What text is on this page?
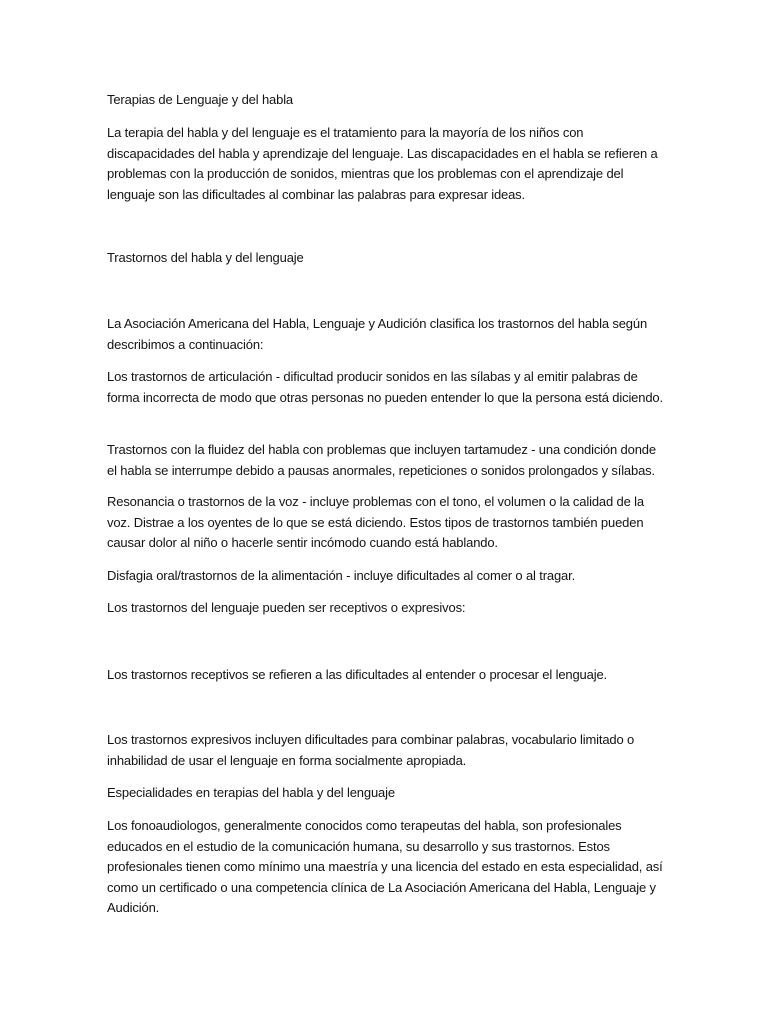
Terapias de Lenguaje y del habla

La terapia del habla y del lenguaje es el tratamiento para la mayoría de los niños con discapacidades del habla y aprendizaje del lenguaje. Las discapacidades en el habla se refieren a problemas con la producción de sonidos, mientras que los problemas con el aprendizaje del lenguaje son las dificultades al combinar las palabras para expresar ideas.

Trastornos del habla y del lenguaje

La Asociación Americana del Habla, Lenguaje y Audición clasifica los trastornos del habla según describimos a continuación:

Los trastornos de articulación - dificultad producir sonidos en las sílabas y al emitir palabras de forma incorrecta de modo que otras personas no pueden entender lo que la persona está diciendo.

Trastornos con la fluidez del habla con problemas que incluyen tartamudez - una condición donde el habla se interrumpe debido a pausas anormales, repeticiones o sonidos prolongados y sílabas.

Resonancia o trastornos de la voz - incluye problemas con el tono, el volumen o la calidad de la voz. Distrae a los oyentes de lo que se está diciendo. Estos tipos de trastornos también pueden causar dolor al niño o hacerle sentir incómodo cuando está hablando.

Disfagia oral/trastornos de la alimentación - incluye dificultades al comer o al tragar.

Los trastornos del lenguaje pueden ser receptivos o expresivos:

Los trastornos receptivos se refieren a las dificultades al entender o procesar el lenguaje.

Los trastornos expresivos incluyen dificultades para combinar palabras, vocabulario limitado o inhabilidad de usar el lenguaje en forma socialmente apropiada.

Especialidades en terapias del habla y del lenguaje

Los fonoaudiologos, generalmente conocidos como terapeutas del habla, son profesionales educados en el estudio de la comunicación humana, su desarrollo y sus trastornos. Estos profesionales tienen como mínimo una maestría y una licencia del estado en esta especialidad, así como un certificado o una competencia clínica de La Asociación Americana del Habla, Lenguaje y Audición.
